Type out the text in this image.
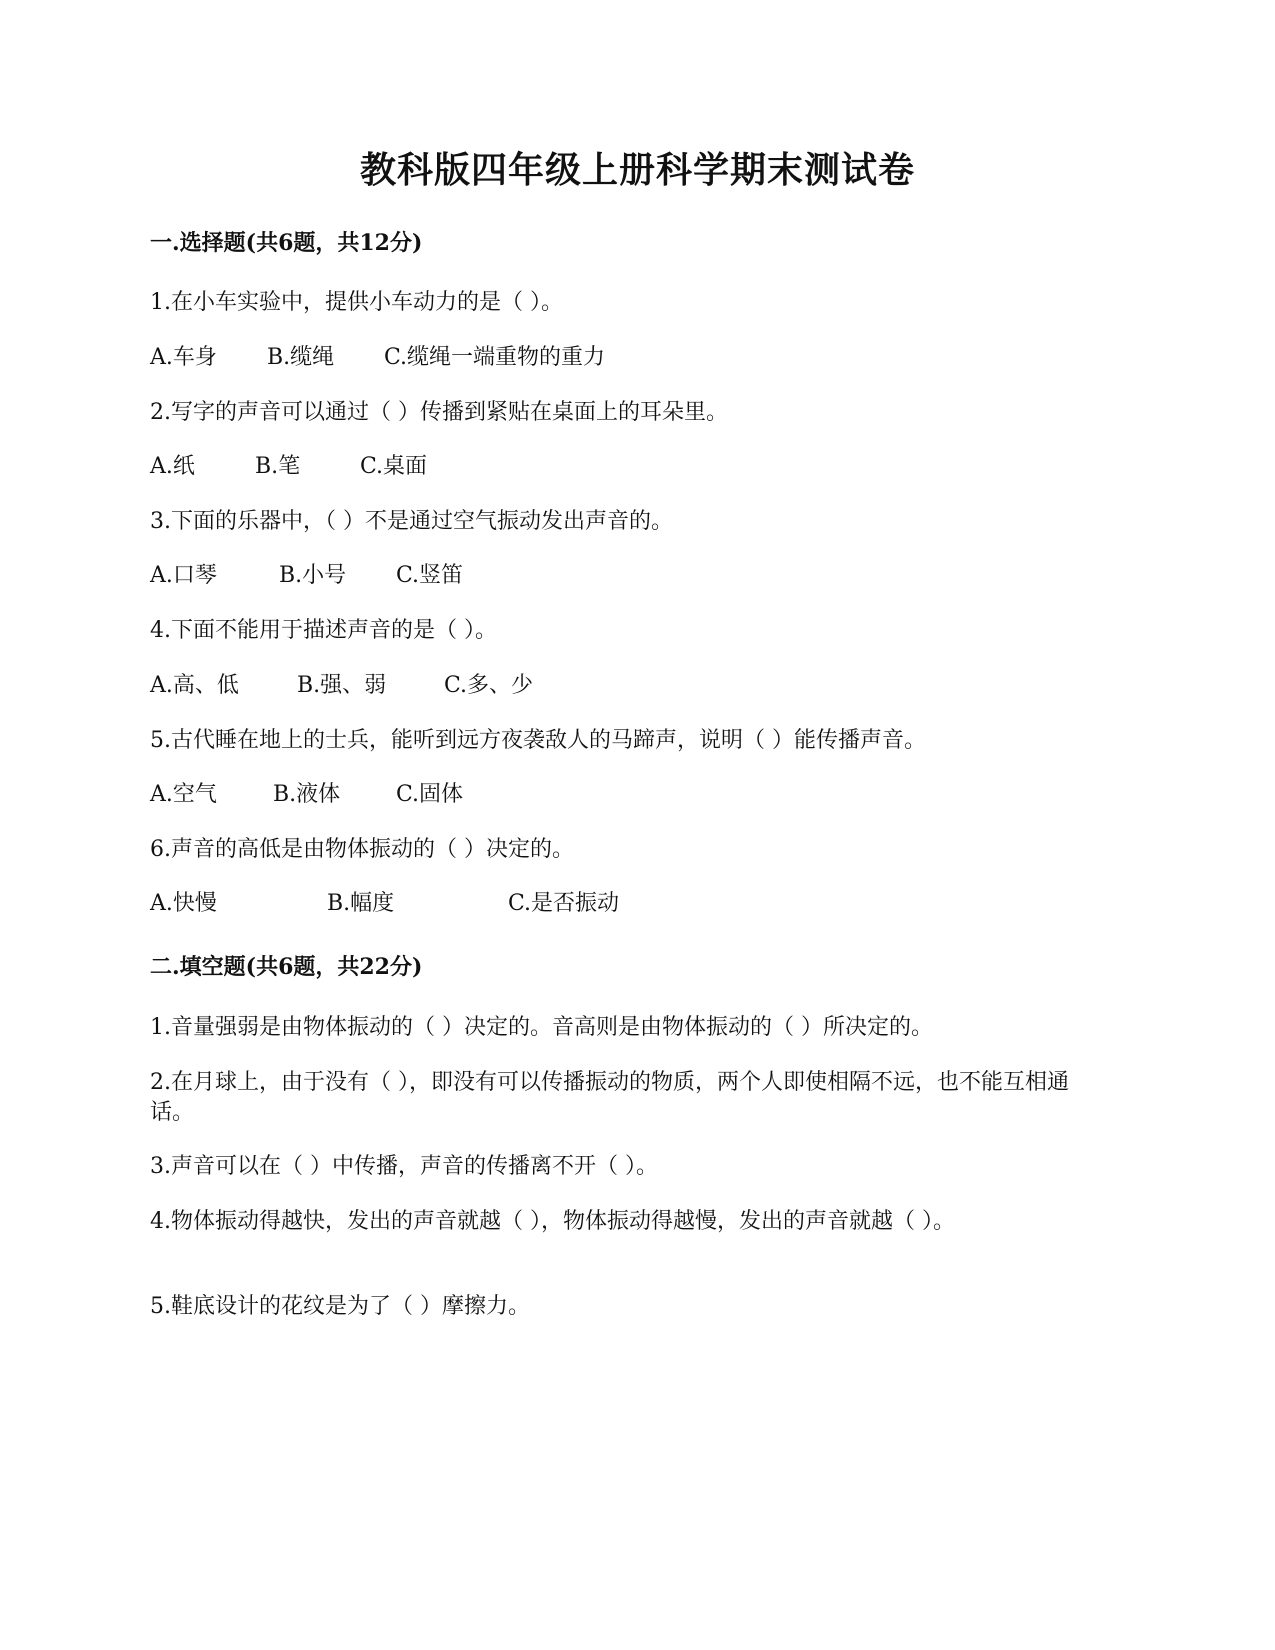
教科版四年级上册科学期末测试卷
一.选择题(共6题，共12分)
1.在小车实验中，提供小车动力的是（ ）。
A.车身 B.缆绳 C.缆绳一端重物的重力
2.写字的声音可以通过（ ）传播到紧贴在桌面上的耳朵里。
A.纸	B.笔	C.桌面
3.下面的乐器中，（ ）不是通过空气振动发出声音的。
A.口琴	B.小号 C.竖笛
4.下面不能用于描述声音的是（ ）。
A.高、低	B.强、弱	C.多、少
5.古代睡在地上的士兵，能听到远方夜袭敌人的马蹄声，说明（ ）能传播声音。
A.空气	B.液体	C.固体
6.声音的高低是由物体振动的（ ）决定的。
A.快慢	B.幅度	C.是否振动
二.填空题(共6题，共22分)
1.音量强弱是由物体振动的（ ）决定的。音高则是由物体振动的（ ）所决定的。
2.在月球上，由于没有（ ），即没有可以传播振动的物质，两个人即使相隔不远，也不能互相通话。
3.声音可以在（ ）中传播，声音的传播离不开（ ）。
4.物体振动得越快，发出的声音就越（ ），物体振动得越慢，发出的声音就越（ ）。
5.鞋底设计的花纹是为了（ ）摩擦力。
